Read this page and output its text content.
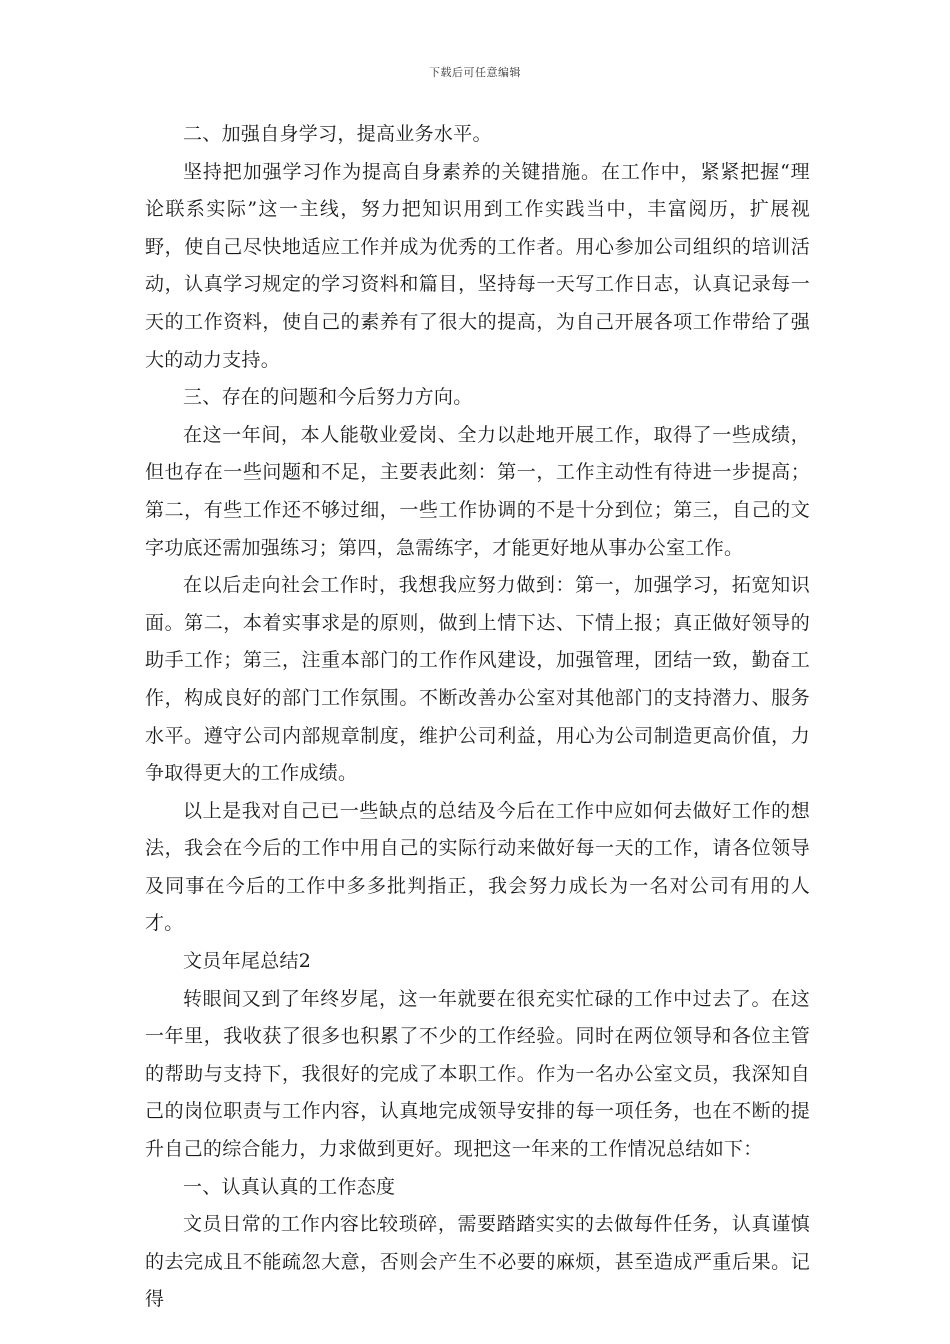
下载后可任意编辑

二、加强自身学习，提高业务水平。

坚持把加强学习作为提高自身素养的关键措施。在工作中，紧紧把握“理论联系实际”这一主线，努力把知识用到工作实践当中，丰富阅历，扩展视野，使自己尽快地适应工作并成为优秀的工作者。用心参加公司组织的培训活动，认真学习规定的学习资料和篇目，坚持每一天写工作日志，认真记录每一天的工作资料，使自己的素养有了很大的提高，为自己开展各项工作带给了强大的动力支持。

三、存在的问题和今后努力方向。

在这一年间，本人能敬业爱岗、全力以赴地开展工作，取得了一些成绩，但也存在一些问题和不足，主要表此刻：第一，工作主动性有待进一步提高；第二，有些工作还不够过细，一些工作协调的不是十分到位；第三，自己的文字功底还需加强练习；第四，急需练字，才能更好地从事办公室工作。

在以后走向社会工作时，我想我应努力做到：第一，加强学习，拓宽知识面。第二，本着实事求是的原则，做到上情下达、下情上报；真正做好领导的助手工作；第三，注重本部门的工作作风建设，加强管理，团结一致，勤奋工作，构成良好的部门工作氛围。不断改善办公室对其他部门的支持潜力、服务水平。遵守公司内部规章制度，维护公司利益，用心为公司制造更高价值，力争取得更大的工作成绩。

以上是我对自己已一些缺点的总结及今后在工作中应如何去做好工作的想法，我会在今后的工作中用自己的实际行动来做好每一天的工作，请各位领导及同事在今后的工作中多多批判指正，我会努力成长为一名对公司有用的人才。

文员年尾总结2

转眼间又到了年终岁尾，这一年就要在很充实忙碌的工作中过去了。在这一年里，我收获了很多也积累了不少的工作经验。同时在两位领导和各位主管的帮助与支持下，我很好的完成了本职工作。作为一名办公室文员，我深知自己的岗位职责与工作内容，认真地完成领导安排的每一项任务，也在不断的提升自己的综合能力，力求做到更好。现把这一年来的工作情况总结如下：

一、认真认真的工作态度

文员日常的工作内容比较琐碎，需要踏踏实实的去做每件任务，认真谨慎的去完成且不能疏忽大意，否则会产生不必要的麻烦，甚至造成严重后果。记得
